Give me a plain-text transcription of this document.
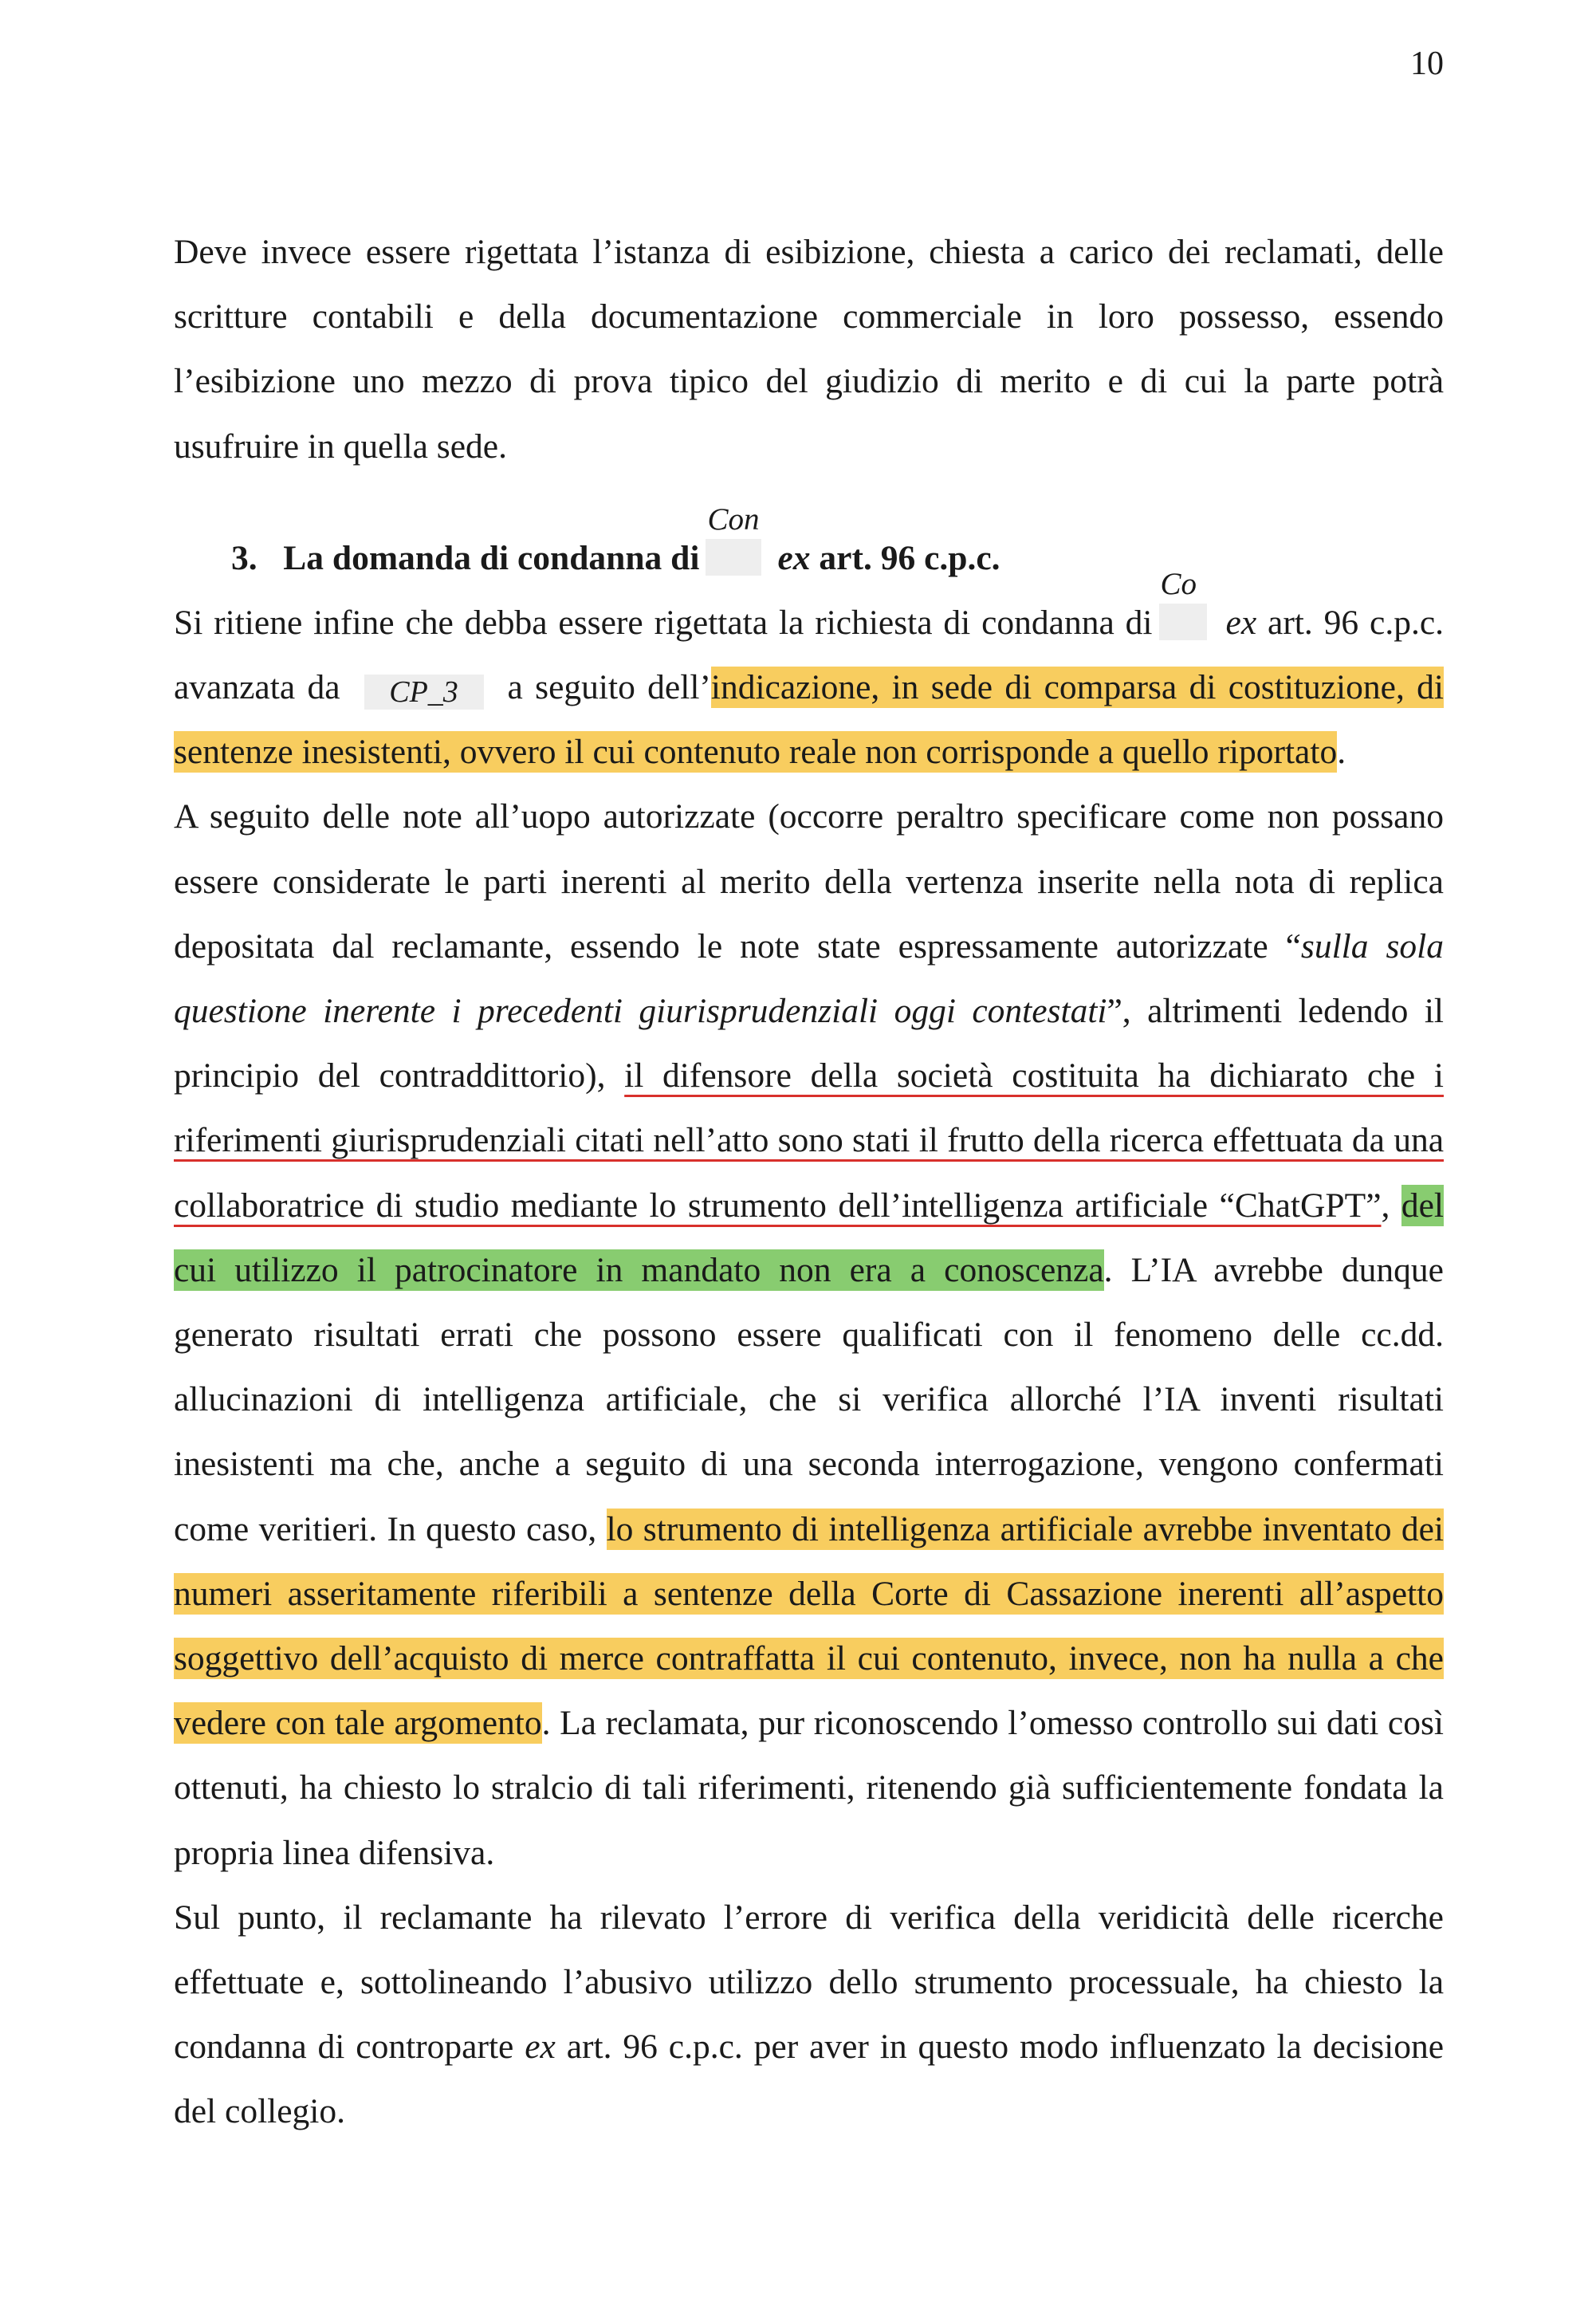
10

Deve invece essere rigettata l’istanza di esibizione, chiesta a carico dei reclamati, delle scritture contabili e della documentazione commerciale in loro possesso, essendo l’esibizione uno mezzo di prova tipico del giudizio di merito e di cui la parte potrà usufruire in quella sede.

3. La domanda di condanna di
Con
ex art. 96 c.p.c.

Si ritiene infine che debba essere rigettata la richiesta di condanna di
Co
ex art. 96 c.p.c. avanzata da CP_3 a seguito dell’indicazione, in sede di comparsa di costituzione, di sentenze inesistenti, ovvero il cui contenuto reale non corrisponde a quello riportato.

A seguito delle note all’uopo autorizzate (occorre peraltro specificare come non possano essere considerate le parti inerenti al merito della vertenza inserite nella nota di replica depositata dal reclamante, essendo le note state espressamente autorizzate “sulla sola questione inerente i precedenti giurisprudenziali oggi contestati”, altrimenti ledendo il principio del contraddittorio), il difensore della società costituita ha dichiarato che i riferimenti giurisprudenziali citati nell’atto sono stati il frutto della ricerca effettuata da una collaboratrice di studio mediante lo strumento dell’intelligenza artificiale “ChatGPT”, del cui utilizzo il patrocinatore in mandato non era a conoscenza. L’IA avrebbe dunque generato risultati errati che possono essere qualificati con il fenomeno delle cc.dd. allucinazioni di intelligenza artificiale, che si verifica allorché l’IA inventi risultati inesistenti ma che, anche a seguito di una seconda interrogazione, vengono confermati come veritieri. In questo caso, lo strumento di intelligenza artificiale avrebbe inventato dei numeri asseritamente riferibili a sentenze della Corte di Cassazione inerenti all’aspetto soggettivo dell’acquisto di merce contraffatta il cui contenuto, invece, non ha nulla a che vedere con tale argomento. La reclamata, pur riconoscendo l’omesso controllo sui dati così ottenuti, ha chiesto lo stralcio di tali riferimenti, ritenendo già sufficientemente fondata la propria linea difensiva.

Sul punto, il reclamante ha rilevato l’errore di verifica della veridicità delle ricerche effettuate e, sottolineando l’abusivo utilizzo dello strumento processuale, ha chiesto la condanna di controparte ex art. 96 c.p.c. per aver in questo modo influenzato la decisione del collegio.
